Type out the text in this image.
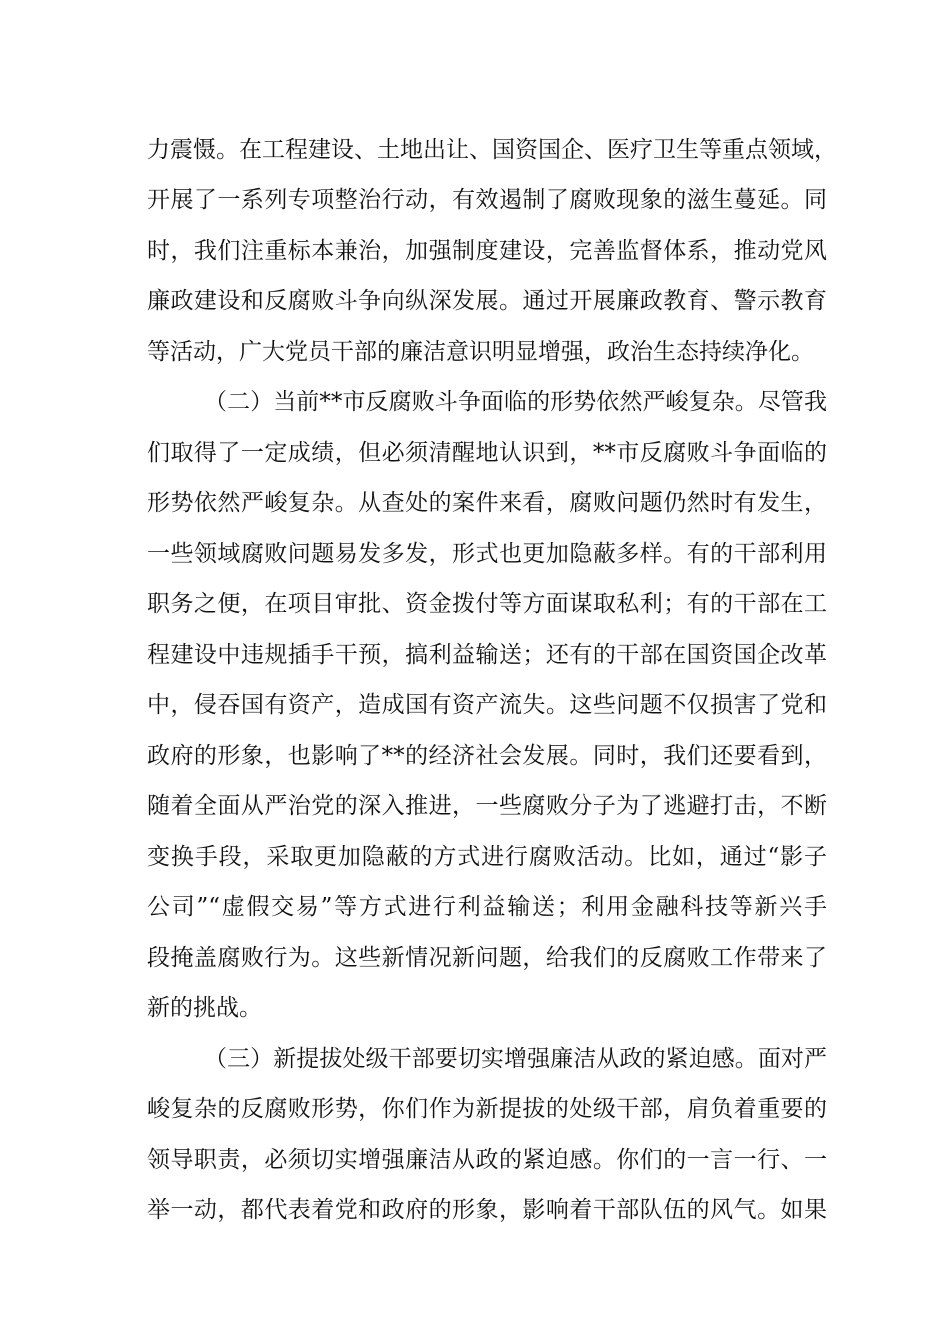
力震慑。在工程建设、土地出让、国资国企、医疗卫生等重点领域，
开展了一系列专项整治行动，有效遏制了腐败现象的滋生蔓延。同
时，我们注重标本兼治，加强制度建设，完善监督体系，推动党风
廉政建设和反腐败斗争向纵深发展。通过开展廉政教育、警示教育
等活动，广大党员干部的廉洁意识明显增强，政治生态持续净化。
（二）当前**市反腐败斗争面临的形势依然严峻复杂。尽管我
们取得了一定成绩，但必须清醒地认识到，**市反腐败斗争面临的
形势依然严峻复杂。从查处的案件来看，腐败问题仍然时有发生，
一些领域腐败问题易发多发，形式也更加隐蔽多样。有的干部利用
职务之便，在项目审批、资金拨付等方面谋取私利；有的干部在工
程建设中违规插手干预，搞利益输送；还有的干部在国资国企改革
中，侵吞国有资产，造成国有资产流失。这些问题不仅损害了党和
政府的形象，也影响了**的经济社会发展。同时，我们还要看到，
随着全面从严治党的深入推进，一些腐败分子为了逃避打击，不断
变换手段，采取更加隐蔽的方式进行腐败活动。比如，通过“影子
公司”“虚假交易”等方式进行利益输送；利用金融科技等新兴手
段掩盖腐败行为。这些新情况新问题，给我们的反腐败工作带来了
新的挑战。
（三）新提拔处级干部要切实增强廉洁从政的紧迫感。面对严
峻复杂的反腐败形势，你们作为新提拔的处级干部，肩负着重要的
领导职责，必须切实增强廉洁从政的紧迫感。你们的一言一行、一
举一动，都代表着党和政府的形象，影响着干部队伍的风气。如果
